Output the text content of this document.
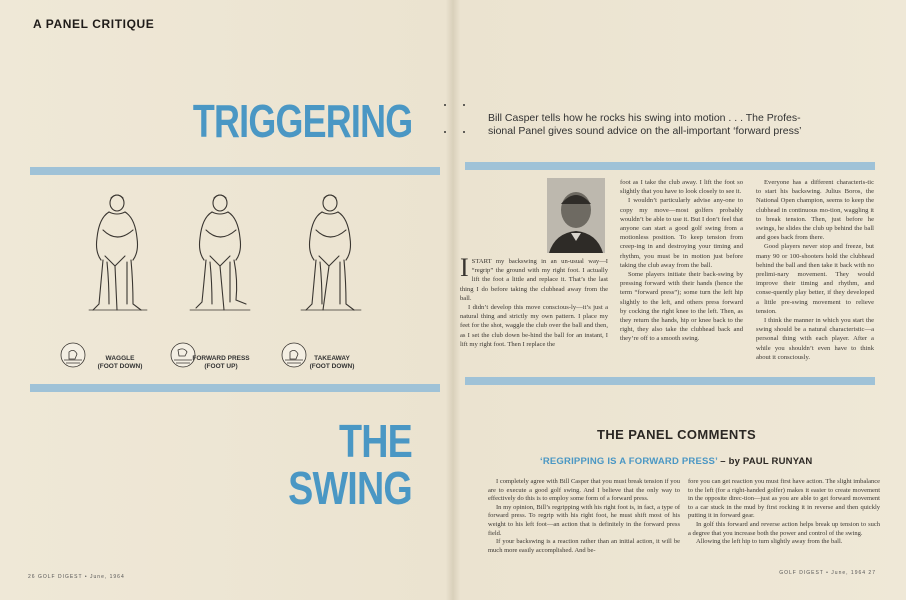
A PANEL CRITIQUE
TRIGGERING
THE
SWING
Bill Casper tells how he rocks his swing into motion . . . The Profes-
sional Panel gives sound advice on the all-important ‘forward press’
WAGGLE
(FOOT DOWN)
FORWARD PRESS
(FOOT UP)
TAKEAWAY
(FOOT DOWN)

ISTART my backswing in an un-usual way—I “regrip” the ground with my right foot. I actually lift the foot a little and replace it. That’s the last thing I do before taking the clubhead away from the ball.

I didn’t develop this move conscious-ly—it’s just a natural thing and strictly my own pattern. I place my feet for the shot, waggle the club over the ball and then, as I set the club down be-hind the ball for an instant, I lift my right foot. Then I replace the

foot as I take the club away. I lift the foot so slightly that you have to look closely to see it.

I wouldn’t particularly advise any-one to copy my move—most golfers probably wouldn’t be able to use it. But I don’t feel that anyone can start a good golf swing from a motionless position. To keep tension from creep-ing in and destroying your timing and rhythm, you must be in motion just before taking the club away from the ball.

Some players initiate their back-swing by pressing forward with their hands (hence the term “forward press”); some turn the left hip slightly to the left, and others press forward by cocking the right knee to the left. Then, as they return the hands, hip or knee back to the right, they also take the clubhead back and they’re off to a smooth swing.

Everyone has a different characteris-tic to start his backswing. Julius Boros, the National Open champion, seems to keep the clubhead in continuous mo-tion, waggling it to break tension. Then, just before he swings, he slides the club up behind the ball and goes back from there.

Good players never stop and freeze, but many 90 or 100-shooters hold the clubhead behind the ball and then take it back with no prelimi-nary movement. They would improve their timing and rhythm, and conse-quently play better, if they developed a little pre-swing movement to relieve tension.

I think the manner in which you start the swing should be a natural characteristic—a personal thing with each player. After a while you shouldn’t even have to think about it consciously.

THE PANEL COMMENTS
‘REGRIPPING IS A FORWARD PRESS’ – by PAUL RUNYAN

I completely agree with Bill Casper that you must break tension if you are to execute a good golf swing. And I believe that the only way to effectively do this is to employ some form of a forward press.

In my opinion, Bill’s regripping with his right foot is, in fact, a type of forward press. To regrip with his right foot, he must shift most of his weight to his left foot—an action that is definitely in the forward press field.

If your backswing is a reaction rather than an initial action, it will be much more easily accomplished. And be-

fore you can get reaction you must first have action. The slight imbalance to the left (for a right-handed golfer) makes it easier to create movement in the opposite direc-tion—just as you are able to get forward movement to a car stuck in the mud by first rocking it in reverse and then quickly putting it in forward gear.

In golf this forward and reverse action helps break up tension to such a degree that you increase both the power and control of the swing.

Allowing the left hip to turn slightly away from the ball.

26 GOLF DIGEST • June, 1964
GOLF DIGEST • June, 1964 27
